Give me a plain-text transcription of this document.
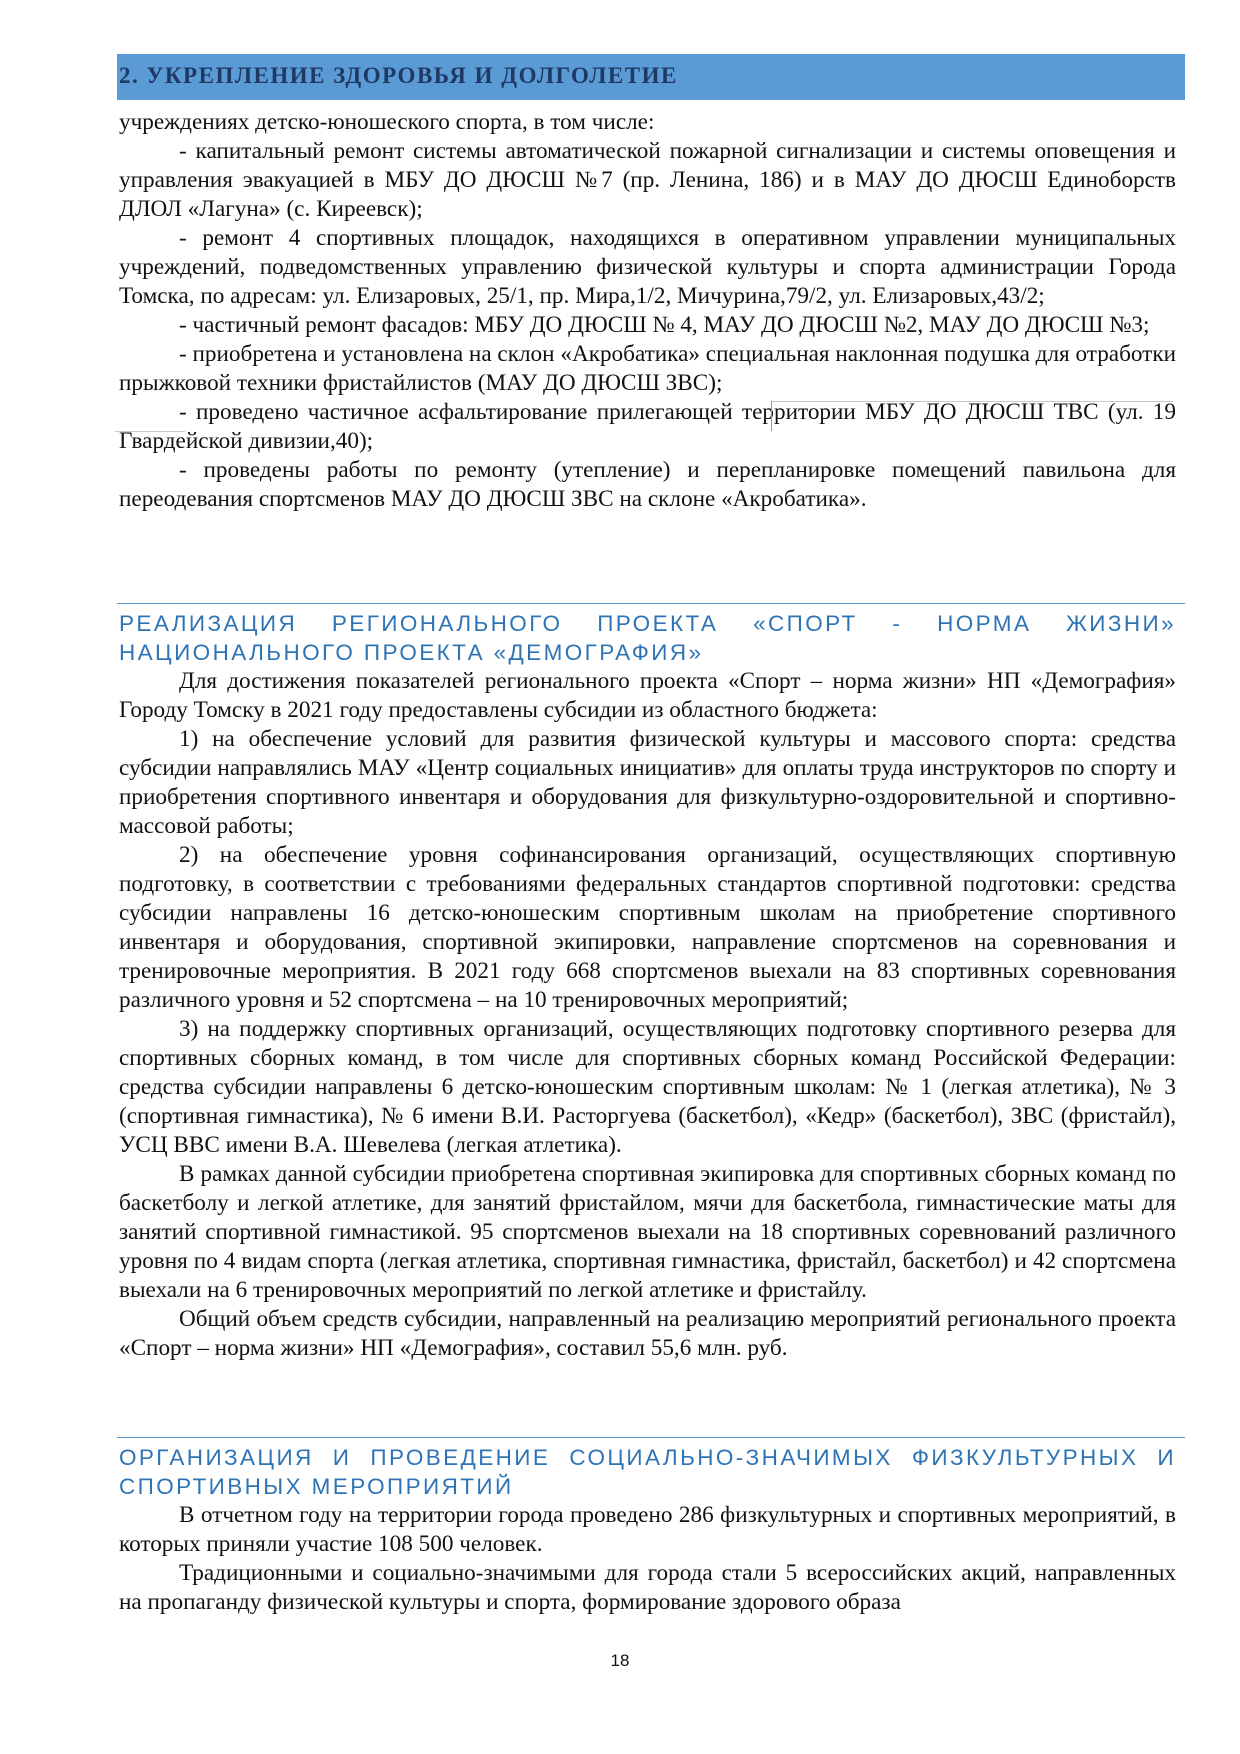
2. УКРЕПЛЕНИЕ ЗДОРОВЬЯ И ДОЛГОЛЕТИЕ

учреждениях детско-юношеского спорта, в том числе:

- капитальный ремонт системы автоматической пожарной сигнализации и системы оповещения и управления эвакуацией в МБУ ДО ДЮСШ №7 (пр. Ленина, 186) и в МАУ ДО ДЮСШ Единоборств ДЛОЛ «Лагуна» (с. Киреевск);

- ремонт 4 спортивных площадок, находящихся в оперативном управлении муниципальных учреждений, подведомственных управлению физической культуры и спорта администрации Города Томска, по адресам: ул. Елизаровых, 25/1, пр. Мира,1/2, Мичурина,79/2, ул. Елизаровых,43/2;

- частичный ремонт фасадов: МБУ ДО ДЮСШ № 4, МАУ ДО ДЮСШ №2, МАУ ДО ДЮСШ №3;

- приобретена и установлена на склон «Акробатика» специальная наклонная подушка для отработки прыжковой техники фристайлистов (МАУ ДО ДЮСШ ЗВС);

- проведено частичное асфальтирование прилегающей территории МБУ ДО ДЮСШ ТВС (ул. 19 Гвардейской дивизии,40);

- проведены работы по ремонту (утепление) и перепланировке помещений павильона для переодевания спортсменов МАУ ДО ДЮСШ ЗВС на склоне «Акробатика».

РЕАЛИЗАЦИЯ РЕГИОНАЛЬНОГО ПРОЕКТА «СПОРТ - НОРМА ЖИЗНИ» НАЦИОНАЛЬНОГО ПРОЕКТА «ДЕМОГРАФИЯ»

Для достижения показателей регионального проекта «Спорт – норма жизни» НП «Демография» Городу Томску в 2021 году предоставлены субсидии из областного бюджета:

1) на обеспечение условий для развития физической культуры и массового спорта: средства субсидии направлялись МАУ «Центр социальных инициатив» для оплаты труда инструкторов по спорту и приобретения спортивного инвентаря и оборудования для физкультурно-оздоровительной и спортивно-массовой работы;

2) на обеспечение уровня софинансирования организаций, осуществляющих спортивную подготовку, в соответствии с требованиями федеральных стандартов спортивной подготовки: средства субсидии направлены 16 детско-юношеским спортивным школам на приобретение спортивного инвентаря и оборудования, спортивной экипировки, направление спортсменов на соревнования и тренировочные мероприятия. В 2021 году 668 спортсменов выехали на 83 спортивных соревнования различного уровня и 52 спортсмена – на 10 тренировочных мероприятий;

3) на поддержку спортивных организаций, осуществляющих подготовку спортивного резерва для спортивных сборных команд, в том числе для спортивных сборных команд Российской Федерации: средства субсидии направлены 6 детско-юношеским спортивным школам: № 1 (легкая атлетика), № 3 (спортивная гимнастика), № 6 имени В.И. Расторгуева (баскетбол), «Кедр» (баскетбол), ЗВС (фристайл), УСЦ ВВС имени В.А. Шевелева (легкая атлетика).

В рамках данной субсидии приобретена спортивная экипировка для спортивных сборных команд по баскетболу и легкой атлетике, для занятий фристайлом, мячи для баскетбола, гимнастические маты для занятий спортивной гимнастикой. 95 спортсменов выехали на 18 спортивных соревнований различного уровня по 4 видам спорта (легкая атлетика, спортивная гимнастика, фристайл, баскетбол) и 42 спортсмена выехали на 6 тренировочных мероприятий по легкой атлетике и фристайлу.

Общий объем средств субсидии, направленный на реализацию мероприятий регионального проекта «Спорт – норма жизни» НП «Демография», составил 55,6 млн. руб.

ОРГАНИЗАЦИЯ И ПРОВЕДЕНИЕ СОЦИАЛЬНО-ЗНАЧИМЫХ ФИЗКУЛЬТУРНЫХ И СПОРТИВНЫХ МЕРОПРИЯТИЙ

В отчетном году на территории города проведено 286 физкультурных и спортивных мероприятий, в которых приняли участие 108 500 человек.

Традиционными и социально-значимыми для города стали 5 всероссийских акций, направленных на пропаганду физической культуры и спорта, формирование здорового образа

18
